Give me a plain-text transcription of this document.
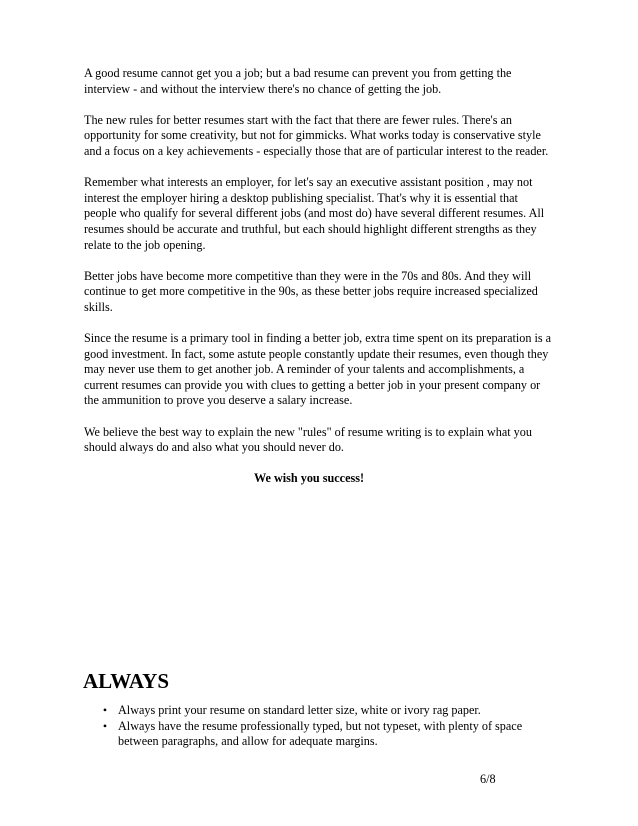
A good resume cannot get you a job; but a bad resume can prevent you from getting the interview - and without the interview there's no chance of getting the job.

The new rules for better resumes start with the fact that there are fewer rules. There's an opportunity for some creativity, but not for gimmicks. What works today is conservative style and a focus on a key achievements - especially those that are of particular interest to the reader.

Remember what interests an employer, for let's say an executive assistant position , may not interest the employer hiring a desktop publishing specialist. That's why it is essential that people who qualify for several different jobs (and most do) have several different resumes. All resumes should be accurate and truthful, but each should highlight different strengths as they relate to the job opening.

Better jobs have become more competitive than they were in the 70s and 80s. And they will continue to get more competitive in the 90s, as these better jobs require increased specialized skills.

Since the resume is a primary tool in finding a better job, extra time spent on its preparation is a good investment. In fact, some astute people constantly update their resumes, even though they may never use them to get another job. A reminder of your talents and accomplishments, a current resumes can provide you with clues to getting a better job in your present company or the ammunition to prove you deserve a salary increase.

We believe the best way to explain the new "rules" of resume writing is to explain what you should always do and also what you should never do.

We wish you success!

ALWAYS
• Always print your resume on standard letter size, white or ivory rag paper.
• Always have the resume professionally typed, but not typeset, with plenty of space between paragraphs, and allow for adequate margins.
6/8
